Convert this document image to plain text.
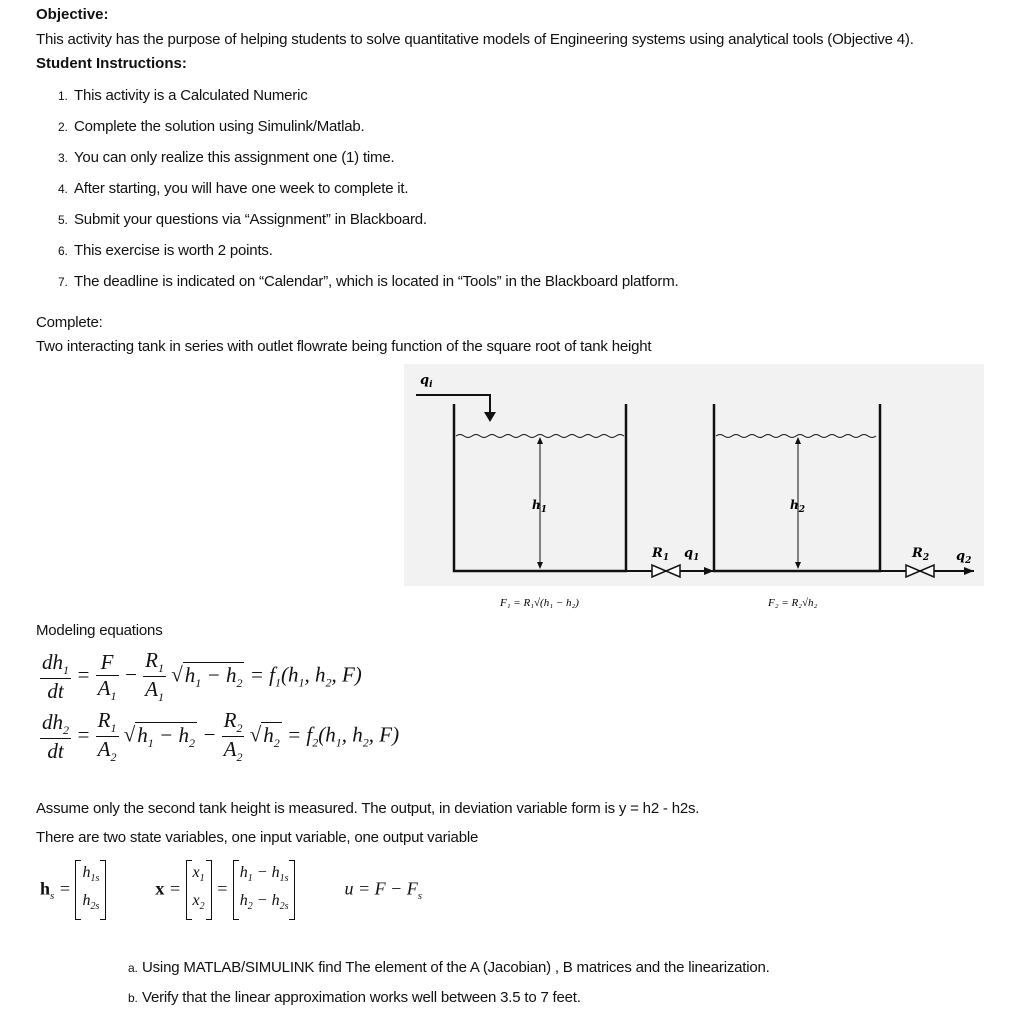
Objective:
This activity has the purpose of helping students to solve quantitative models of Engineering systems using analytical tools (Objective 4).
Student Instructions:
1. This activity is a Calculated Numeric
2. Complete the solution using Simulink/Matlab.
3. You can only realize this assignment one (1) time.
4. After starting, you will have one week to complete it.
5. Submit your questions via “Assignment” in Blackboard.
6. This exercise is worth 2 points.
7. The deadline is indicated on “Calendar”, which is located in “Tools” in the Blackboard platform.
Complete:
Two interacting tank in series with outlet flowrate being function of the square root of tank height
$q_i$
$h_1$
$R_1$ $q_1$
$h_2$
$R_2$ $q_2$
F₁ = R₁√(h₁ − h₂)	F₂ = R₂√h₂
Modeling equations
$\frac{dh_1}{dt} = \frac{F}{A_1} - \frac{R_1}{A_1} √h_1 - h_2 = f_1(h_1$, $h_2$, F)
$\frac{dh_2}{dt} = \frac{R_1}{A_2} √h_1 - h_2 - \frac{R_2}{A_2} √h_2 = f_2(h_1$, $h_2$, F)
Assume only the second tank height is measured. The output, in deviation variable form is y = h2 - h2s.
There are two state variables, one input variable, one output variable
$h_s$ =
$h_{1s}$
$h_{2s}$
x =
$x_1$
$x_2$
=
$h_1 - h_{1s}$
$h_2 - h_{2s}$
$u = F - F_s$
a. Using MATLAB/SIMULINK find The element of the A (Jacobian) , B matrices and the linearization.
b. Verify that the linear approximation works well between 3.5 to 7 feet.
